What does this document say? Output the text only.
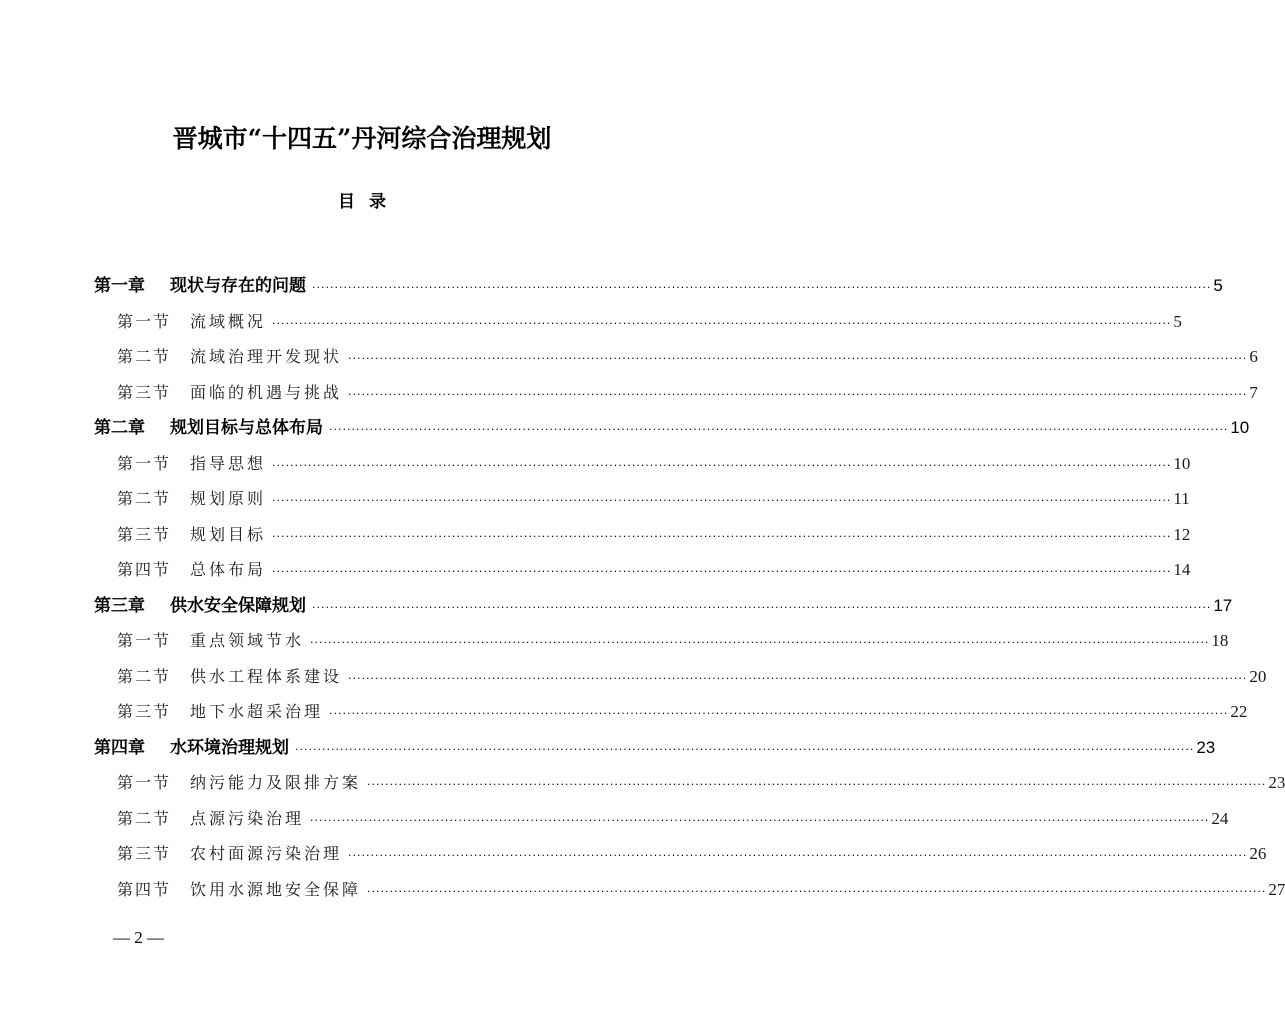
晋城市“十四五”丹河综合治理规划
目录
第一章	现状与存在的问题 ········································································································································································································ 5
第一节	流域概况 ········································································································································································································ 5
第二节	流域治理开发现状 ········································································································································································································ 6
第三节	面临的机遇与挑战 ········································································································································································································ 7
第二章	规划目标与总体布局 ········································································································································································································ 10
第一节	指导思想 ········································································································································································································ 10
第二节	规划原则 ········································································································································································································ 11
第三节	规划目标 ········································································································································································································ 12
第四节	总体布局 ········································································································································································································ 14
第三章	供水安全保障规划 ········································································································································································································ 17
第一节	重点领域节水 ········································································································································································································ 18
第二节	供水工程体系建设 ········································································································································································································ 20
第三节	地下水超采治理 ········································································································································································································ 22
第四章	水环境治理规划 ········································································································································································································ 23
第一节	纳污能力及限排方案 ········································································································································································································ 23
第二节	点源污染治理 ········································································································································································································ 24
第三节	农村面源污染治理 ········································································································································································································ 26
第四节	饮用水源地安全保障 ········································································································································································································ 27
— 2 —
